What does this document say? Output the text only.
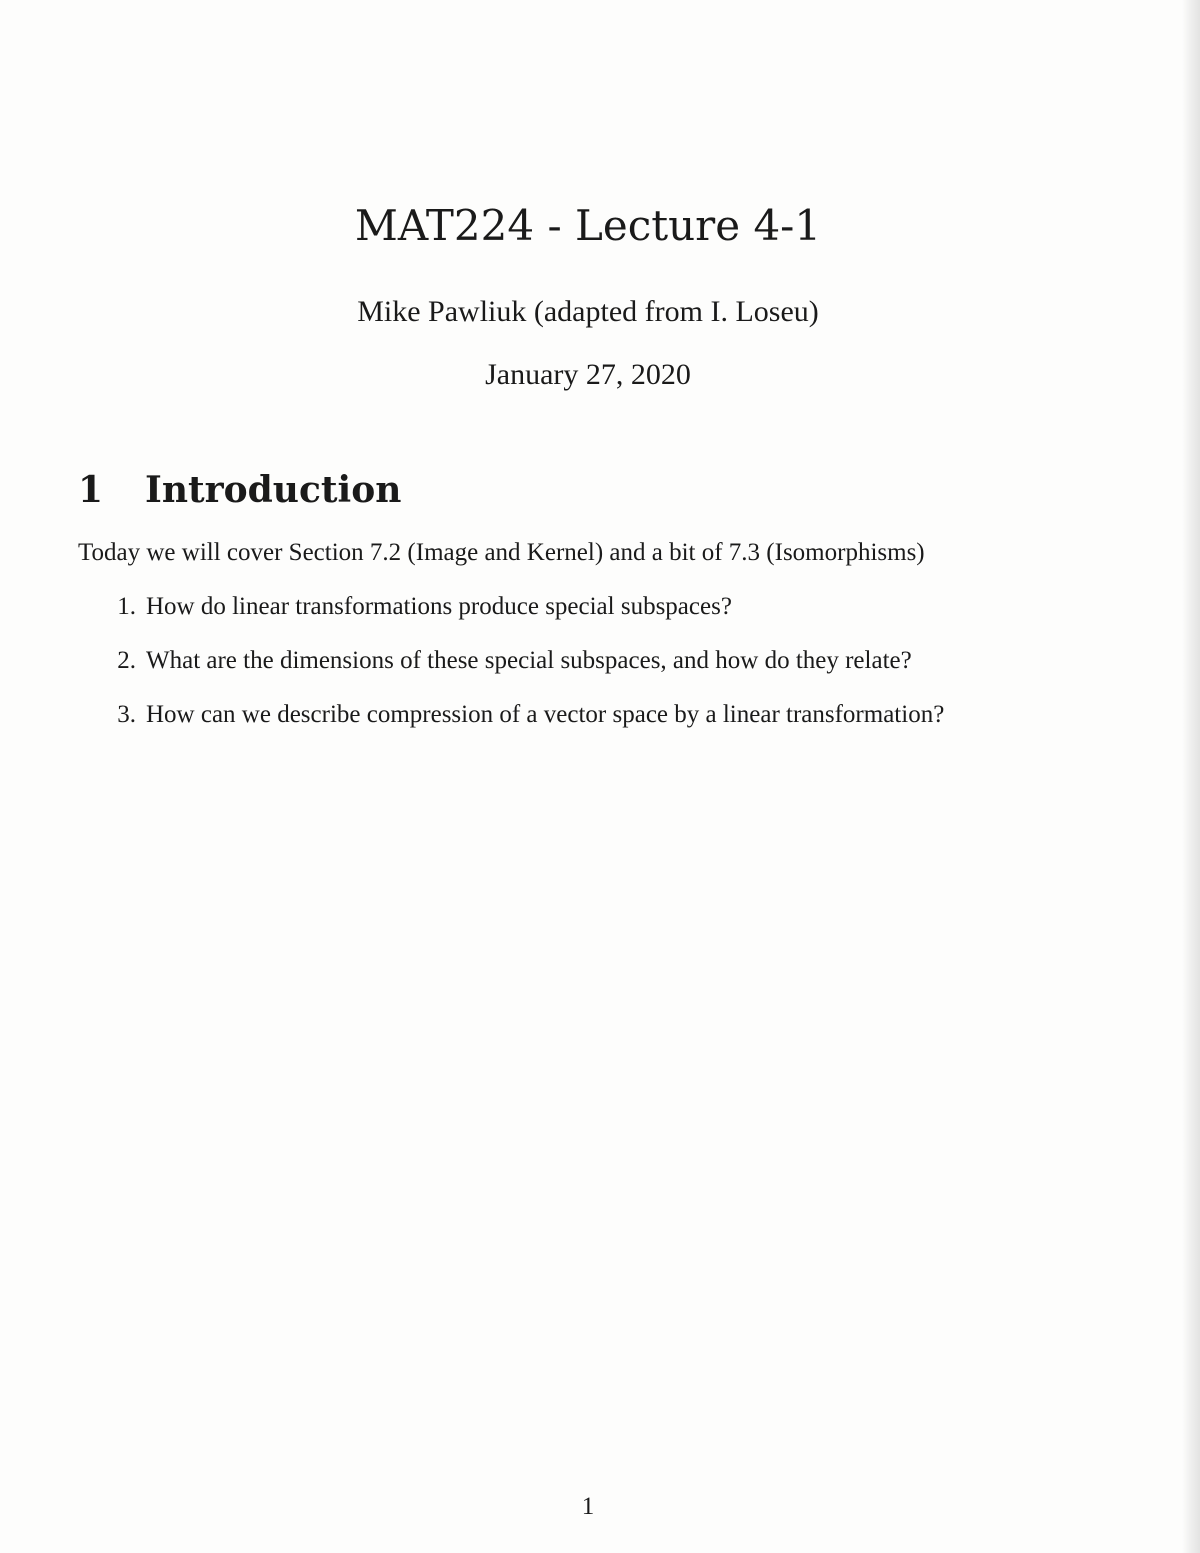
MAT224 - Lecture 4-1
Mike Pawliuk (adapted from I. Loseu)
January 27, 2020
1 Introduction
Today we will cover Section 7.2 (Image and Kernel) and a bit of 7.3 (Isomorphisms)
1. How do linear transformations produce special subspaces?
2. What are the dimensions of these special subspaces, and how do they relate?
3. How can we describe compression of a vector space by a linear transformation?
1
